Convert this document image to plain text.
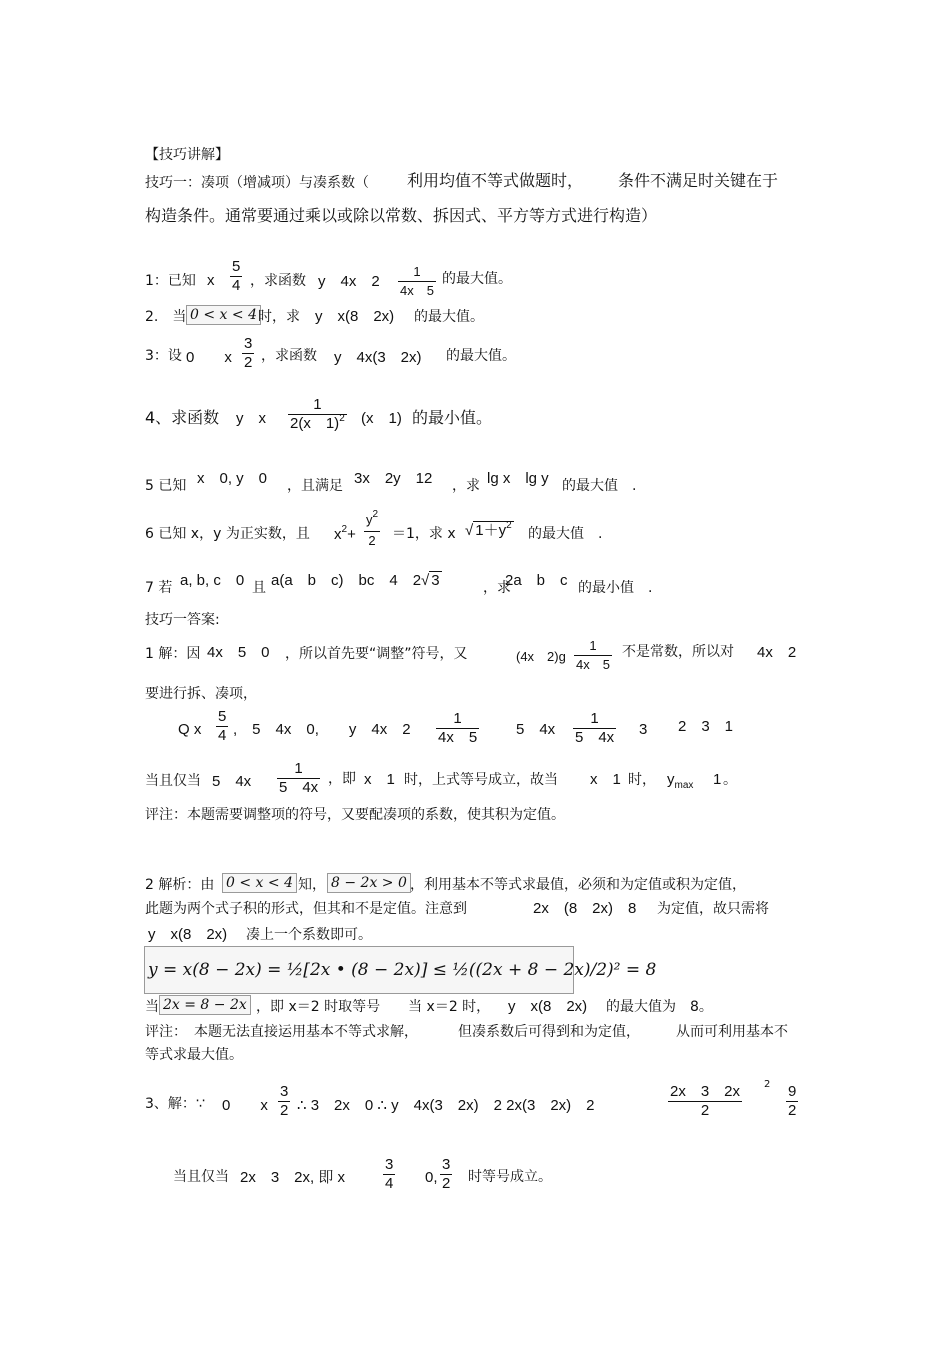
【技巧讲解】
技巧一：凑项（增减项）与凑系数（ 利用均值不等式做题时， 条件不满足时关键在于
构造条件。通常要通过乘以或除以常数、拆因式、平方等方式进行构造）
1：已知 x $\frac{5}{4}$ ，求函数 y　4x　$2 \frac{1}{4x 5}$ 的最大值。
2.　当 0 < x < 4 时，求 y　x(8　2x) 的最大值。
3：设 0　　x $\frac{3}{2}$ ，求函数 y　4x(3　2x) 的最大值。
4、求函数 y　x $\frac{1}{2(x 1)^2} (x$　1) 的最小值。
5 已知 x　0, y　0 ，且满足 3x　2y　12 ，求 lg x　lg y 的最大值　.
6 已知 x，y 为正实数，且 $x^2+ \frac{y^2}{2} =1$，求 x √ $1+y^2$
的最大值　.
7 若 a, b, c　0 且 a(a　b　c)　bc　4　2√ 3	，求
2a　b　c 的最小值　.
技巧一答案:
1 解：因 4x　5　0 ，所以首先要“调整”符号，又	(4x　$2)g \frac{1}{4x 5}$ 不是常数，所以对 4x　2
要进行拆、凑项，
Q x $\frac{5}{4}$ ,　5　4x　0,　　y　4x　$2 \frac{1}{4x 5} 5$　$4x \frac{1}{5 4x} 3$ 2　3　1
当且仅当 5　$4x \frac{1}{5 4x}$ ，即 x　1 时，上式等号成立，故当 x　1 时， $y_{max}$ 1 。
评注：本题需要调整项的符号，又要配凑项的系数，使其积为定值。
2 解析：由 0 < x < 4 知， 8 − 2x > 0 ，利用基本不等式求最值，必须和为定值或积为定值，
此题为两个式子积的形式，但其和不是定值。注意到	2x　(8　2x)　8 为定值，故只需将
y　x(8　2x) 凑上一个系数即可。
y = x(8 − 2x) = ½[2x • (8 − 2x)] ≤ ½((2x + 8 − 2x)/2)² = 8
当 2x = 8 − 2x ，即 x＝2 时取等号　　当 x＝2 时， y　x(8　2x) 的最大值为　8。
评注：　本题无法直接运用基本不等式求解，	但凑系数后可得到和为定值，	从而可利用基本不
等式求最大值。
3、解：∵ 0　　x $\frac{3}{2}$ ∴ 3　2x　0 ∴ y　4x(3　2x)　2 2x(3　2x)　2	$\frac{2x 3 2x}{2} 2 \frac{9}{2}$
当且仅当 2x　3　2x, 即 x	$\frac{3}{4} 0$, $\frac{3}{2}$ 时等号成立。
